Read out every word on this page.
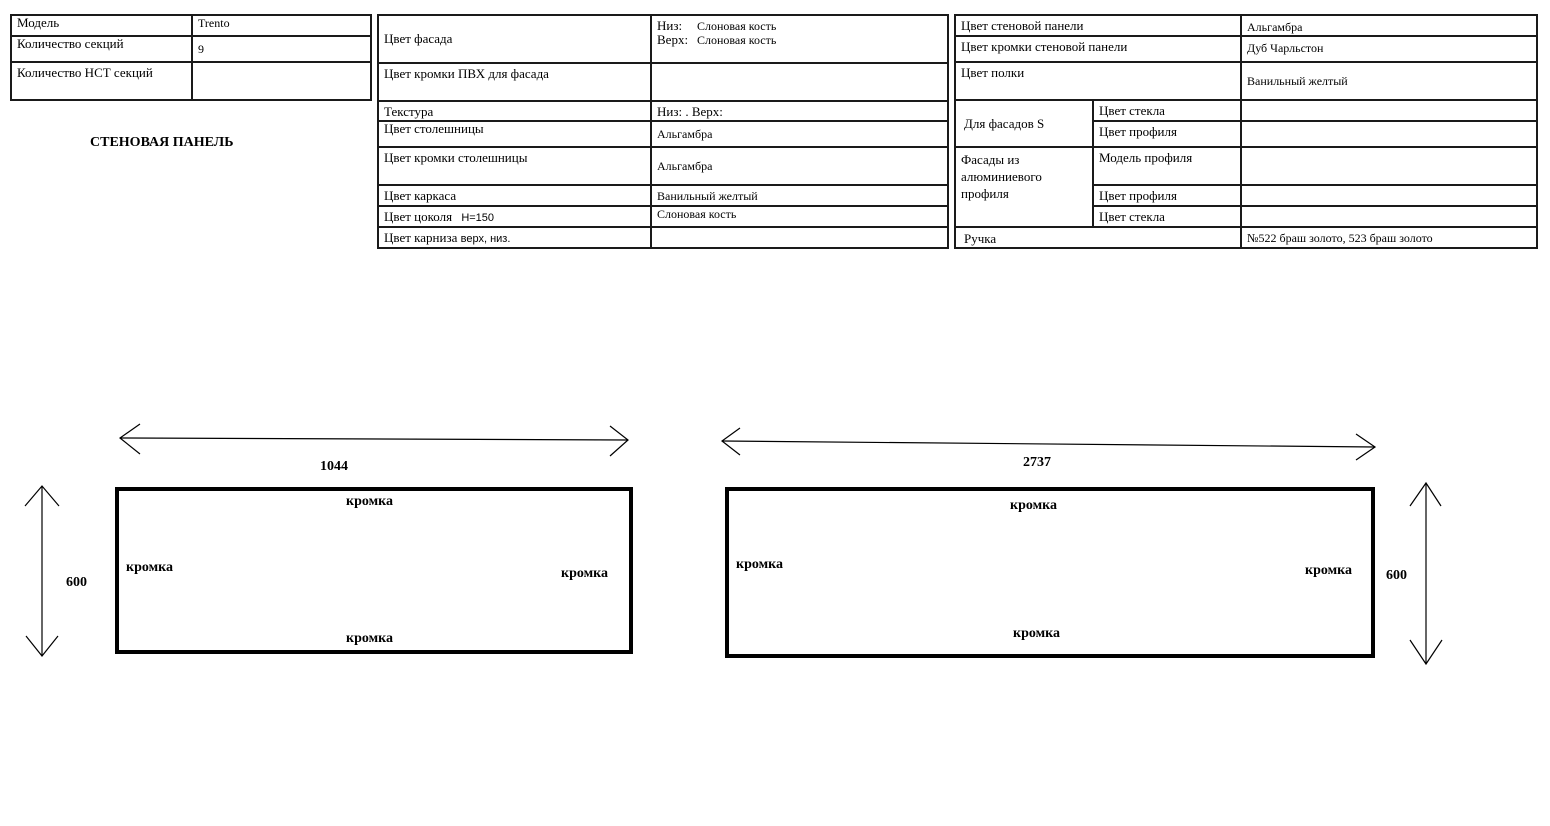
Модель	Trento
Количество секций	9
Количество НСТ секций	
СТЕНОВАЯ ПАНЕЛЬ
Цвет фасада	Низ: Слоновая кость
Верх: Слоновая кость

Цвет кромки ПВХ для фасада	
Текстура	Низ: . Верх:
Цвет столешницы	Альгамбра
Цвет кромки столешницы	Альгамбра
Цвет каркаса	Ванильный желтый
Цвет цоколя H=150	Слоновая кость
Цвет карниза верх, низ.	
Цвет стеновой панели		Альгамбра
Цвет кромки стеновой панели		Дуб Чарльстон
Цвет полки		Ванильный желтый
Для фасадов S	Цвет стекла	
	Цвет профиля	
Фасады из алюминиевого профиля	Модель профиля	
	Цвет профиля	
	Цвет стекла	
Ручка		№522 браш золото, 523 браш золото
1044
600
кромка
кромка	кромка
кромка
2737
600
кромка
кромка	кромка
кромка
